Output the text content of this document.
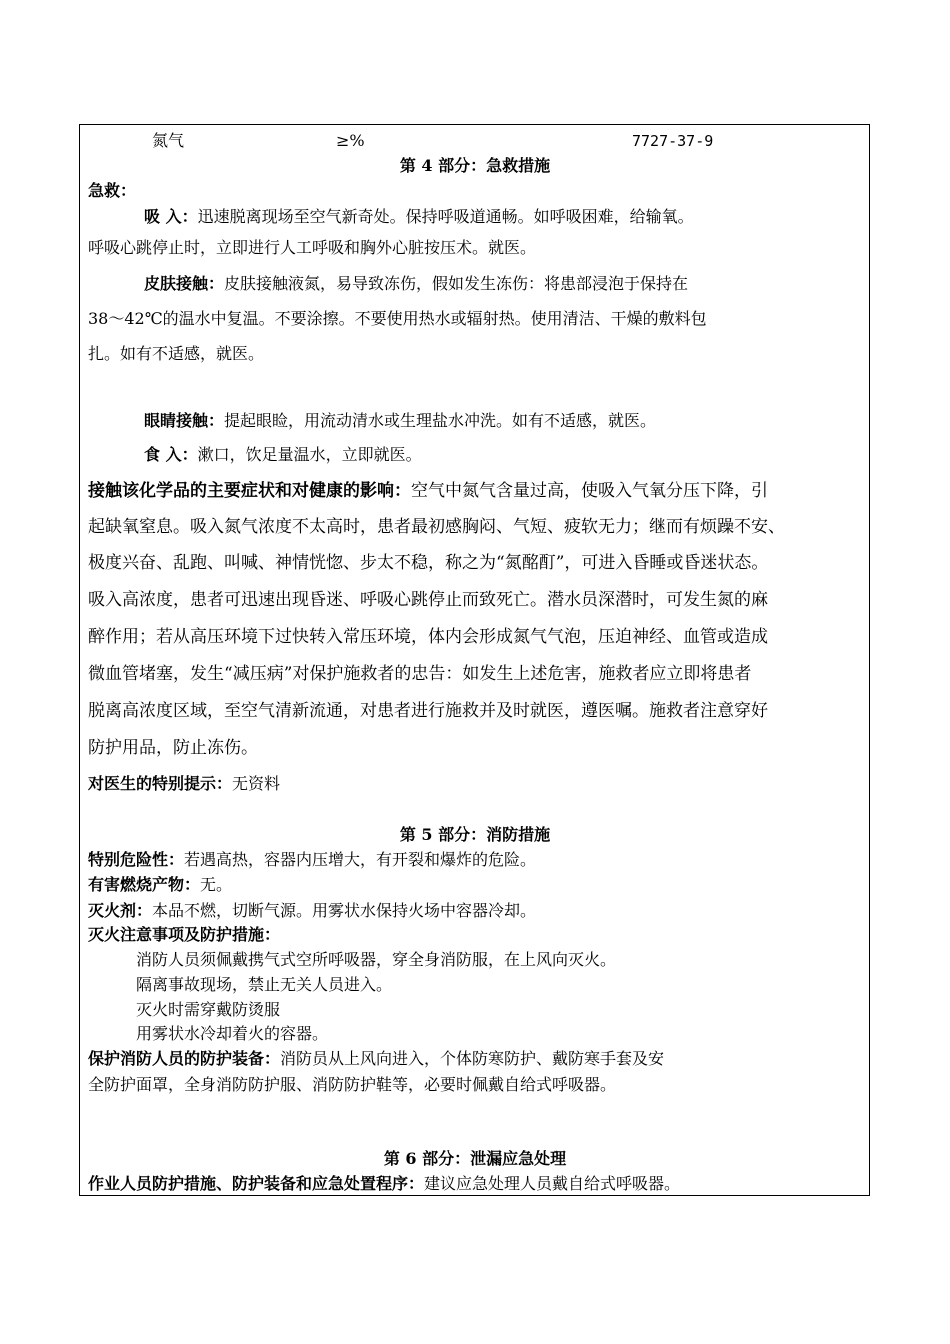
氮气	≥%	7727-37-9
第 4 部分：急救措施
急救：
吸 入：迅速脱离现场至空气新奇处。保持呼吸道通畅。如呼吸困难，给输氧。
呼吸心跳停止时，立即进行人工呼吸和胸外心脏按压术。就医。
皮肤接触：皮肤接触液氮，易导致冻伤，假如发生冻伤：将患部浸泡于保持在
38～42℃的温水中复温。不要涂擦。不要使用热水或辐射热。使用清洁、干燥的敷料包
扎。如有不适感，就医。
眼睛接触：提起眼睑，用流动清水或生理盐水冲洗。如有不适感，就医。
食 入：漱口，饮足量温水，立即就医。
接触该化学品的主要症状和对健康的影响：空气中氮气含量过高，使吸入气氧分压下降，引
起缺氧窒息。吸入氮气浓度不太高时，患者最初感胸闷、气短、疲软无力；继而有烦躁不安、
极度兴奋、乱跑、叫喊、神情恍惚、步太不稳，称之为“氮酩酊”，可进入昏睡或昏迷状态。
吸入高浓度，患者可迅速出现昏迷、呼吸心跳停止而致死亡。潜水员深潜时，可发生氮的麻
醉作用；若从高压环境下过快转入常压环境，体内会形成氮气气泡，压迫神经、血管或造成
微血管堵塞，发生“减压病”对保护施救者的忠告：如发生上述危害，施救者应立即将患者
脱离高浓度区域，至空气清新流通，对患者进行施救并及时就医，遵医嘱。施救者注意穿好
防护用品，防止冻伤。
对医生的特别提示：无资料
第 5 部分：消防措施
特别危险性：若遇高热，容器内压增大，有开裂和爆炸的危险。
有害燃烧产物：无。
灭火剂：本品不燃，切断气源。用雾状水保持火场中容器冷却。
灭火注意事项及防护措施：
消防人员须佩戴携气式空所呼吸器，穿全身消防服，在上风向灭火。
隔离事故现场，禁止无关人员进入。
灭火时需穿戴防烫服
用雾状水冷却着火的容器。
保护消防人员的防护装备：消防员从上风向进入，个体防寒防护、戴防寒手套及安
全防护面罩，全身消防防护服、消防防护鞋等，必要时佩戴自给式呼吸器。
第 6 部分：泄漏应急处理
作业人员防护措施、防护装备和应急处置程序：建议应急处理人员戴自给式呼吸器。
